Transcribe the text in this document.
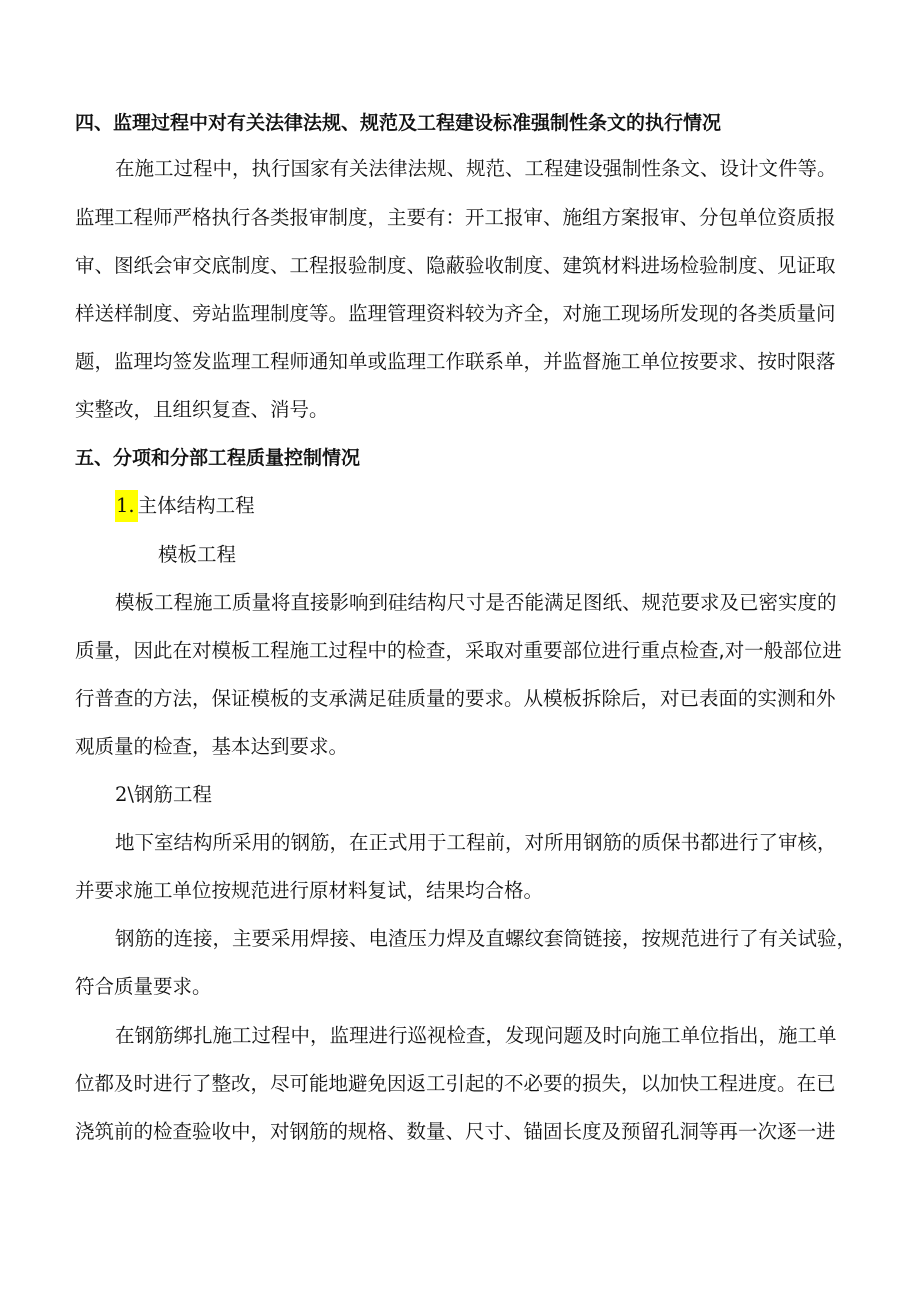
四、监理过程中对有关法律法规、规范及工程建设标准强制性条文的执行情况

在施工过程中，执行国家有关法律法规、规范、工程建设强制性条文、设计文件等。

监理工程师严格执行各类报审制度，主要有：开工报审、施组方案报审、分包单位资质报

审、图纸会审交底制度、工程报验制度、隐蔽验收制度、建筑材料进场检验制度、见证取

样送样制度、旁站监理制度等。监理管理资料较为齐全，对施工现场所发现的各类质量问

题，监理均签发监理工程师通知单或监理工作联系单，并监督施工单位按要求、按时限落

实整改，且组织复查、消号。

五、分项和分部工程质量控制情况

1. 主体结构工程

模板工程

模板工程施工质量将直接影响到硅结构尺寸是否能满足图纸、规范要求及已密实度的

质量，因此在对模板工程施工过程中的检查，采取对重要部位进行重点检查,对一般部位进

行普查的方法，保证模板的支承满足硅质量的要求。从模板拆除后，对已表面的实测和外

观质量的检查，基本达到要求。

2\钢筋工程

地下室结构所采用的钢筋，在正式用于工程前，对所用钢筋的质保书都进行了审核，

并要求施工单位按规范进行原材料复试，结果均合格。

钢筋的连接，主要采用焊接、电渣压力焊及直螺纹套筒链接，按规范进行了有关试验，

符合质量要求。

在钢筋绑扎施工过程中，监理进行巡视检查，发现问题及时向施工单位指出，施工单

位都及时进行了整改，尽可能地避免因返工引起的不必要的损失，以加快工程进度。在已

浇筑前的检查验收中，对钢筋的规格、数量、尺寸、锚固长度及预留孔洞等再一次逐一进
